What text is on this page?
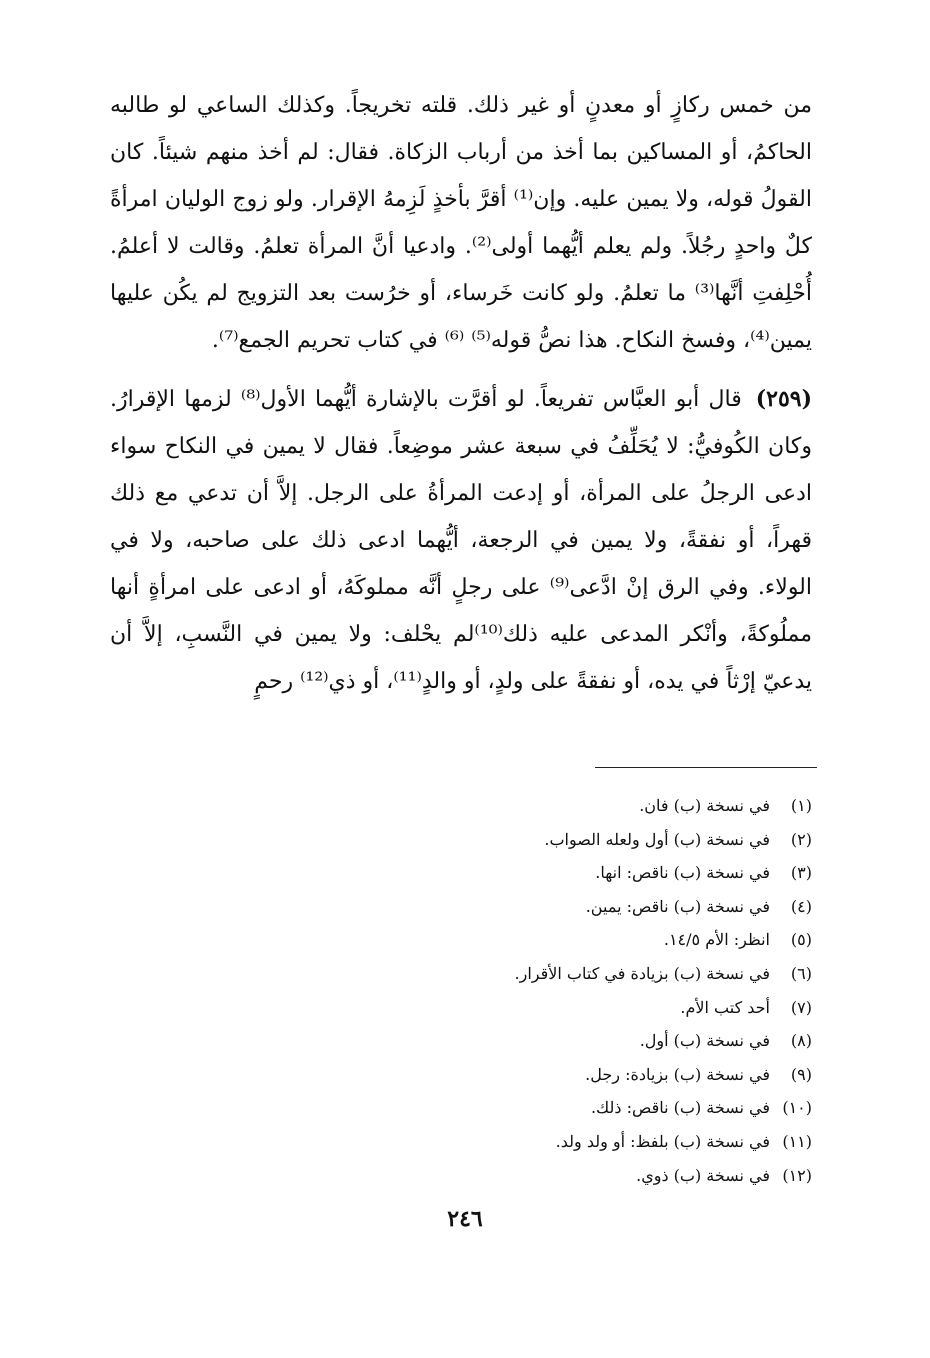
من خمس ركازٍ أو معدنٍ أو غير ذلك. قلته تخريجاً. وكذلك الساعي لو طالبه الحاكمُ، أو المساكين بما أخذ من أرباب الزكاة. فقال: لم أخذ منهم شيئاً. كان القولُ قوله، ولا يمين عليه. وإن⁽¹⁾ أقرَّ بأخذٍ لَزِمهُ الإقرار. ولو زوج الوليان امرأةً كلٌ واحدٍ رجُلاً. ولم يعلم أيُّهما أولى⁽²⁾. وادعيا أنَّ المرأة تعلمُ. وقالت لا أعلمُ. أُحْلِفتِ أنَّها⁽³⁾ ما تعلمُ. ولو كانت خَرساء، أو خرُست بعد التزويج لم يكُن عليها يمين⁽⁴⁾، وفسخ النكاح. هذا نصُّ قوله⁽⁵⁾ ⁽⁶⁾ في كتاب تحريم الجمع⁽⁷⁾.

(٢٥٩)قال أبو العبَّاس تفريعاً. لو أقرَّت بالإشارة أيُّهما الأول⁽⁸⁾ لزمها الإقرارُ. وكان الكُوفيُّ: لا يُحَلِّفُ في سبعة عشر موضِعاً. فقال لا يمين في النكاح سواء ادعى الرجلُ على المرأة، أو إدعت المرأةُ على الرجل. إلاَّ أن تدعي مع ذلك قهراً، أو نفقةً، ولا يمين في الرجعة، أيُّهما ادعى ذلك على صاحبه، ولا في الولاء. وفي الرق إنْ ادَّعى⁽⁹⁾ على رجلٍ أنَّه مملوكَهُ، أو ادعى على امرأةٍ أنها مملُوكةً، وأنْكر المدعى عليه ذلك⁽¹⁰⁾لم يحْلف: ولا يمين في النَّسبِ، إلاَّ أن يدعيّ إرْثاً في يده، أو نفقةً على ولدٍ، أو والدٍ⁽¹¹⁾، أو ذي⁽¹²⁾ رحمٍ

(١)
في نسخة (ب) فان.
(٢)
في نسخة (ب) أول ولعله الصواب.
(٣)
في نسخة (ب) ناقص: انها.
(٤)
في نسخة (ب) ناقص: يمين.
(٥)
انظر: الأم ١٤/٥.
(٦)
في نسخة (ب) بزيادة في كتاب الأقرار.
(٧)
أحد كتب الأم.
(٨)
في نسخة (ب) أول.
(٩)
في نسخة (ب) بزيادة: رجل.
(١٠)
في نسخة (ب) ناقص: ذلك.
(١١)
في نسخة (ب) بلفظ: أو ولد ولد.
(١٢)
في نسخة (ب) ذوي.
٢٤٦
